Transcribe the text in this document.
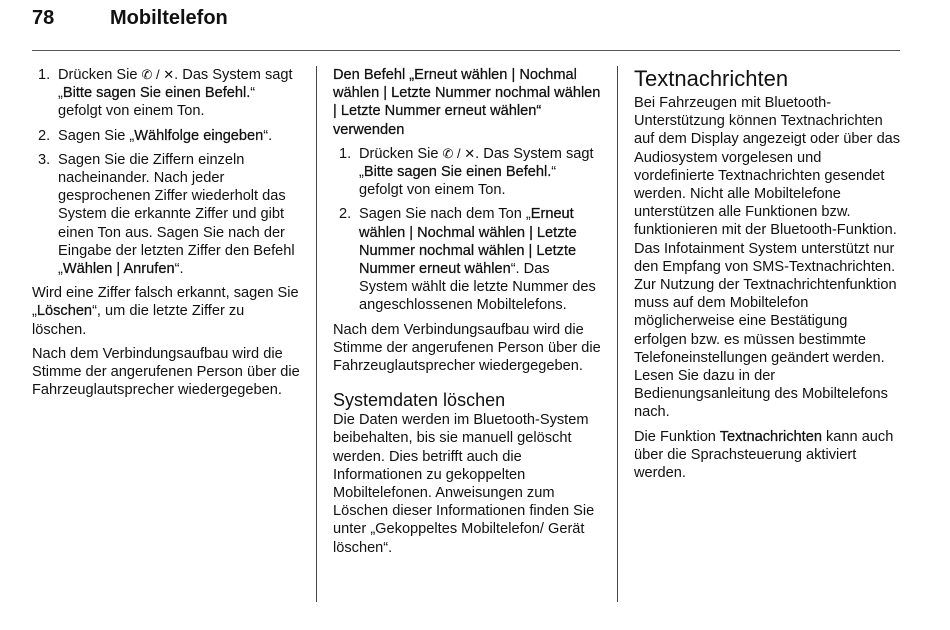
78	Mobiltelefon
1. Drücken Sie ✆ / ✕. Das System sagt „Bitte sagen Sie einen Befehl.“ gefolgt von einem Ton.
2. Sagen Sie „Wählfolge eingeben“.
3. Sagen Sie die Ziffern einzeln nacheinander. Nach jeder gesprochenen Ziffer wiederholt das System die erkannte Ziffer und gibt einen Ton aus. Sagen Sie nach der Eingabe der letzten Ziffer den Befehl „Wählen | Anrufen“.

Wird eine Ziffer falsch erkannt, sagen Sie „Löschen“, um die letzte Ziffer zu löschen.

Nach dem Verbindungsaufbau wird die Stimme der angerufenen Person über die Fahrzeuglautsprecher wiedergegeben.

Den Befehl „Erneut wählen | Nochmal wählen | Letzte Nummer nochmal wählen | Letzte Nummer erneut wählen“ verwenden

1. Drücken Sie ✆ / ✕. Das System sagt „Bitte sagen Sie einen Befehl.“ gefolgt von einem Ton.
2. Sagen Sie nach dem Ton „Erneut wählen | Nochmal wählen | Letzte Nummer nochmal wählen | Letzte Nummer erneut wählen“. Das System wählt die letzte Nummer des angeschlossenen Mobiltelefons.

Nach dem Verbindungsaufbau wird die Stimme der angerufenen Person über die Fahrzeuglautsprecher wiedergegeben.

Systemdaten löschen

Die Daten werden im Bluetooth-System beibehalten, bis sie manuell gelöscht werden. Dies betrifft auch die Informationen zu gekoppelten Mobiltelefonen. Anweisungen zum Löschen dieser Informationen finden Sie unter „Gekoppeltes Mobiltelefon/ Gerät löschen“.

Textnachrichten

Bei Fahrzeugen mit Bluetooth-Unterstützung können Textnachrichten auf dem Display angezeigt oder über das Audiosystem vorgelesen und vordefinierte Textnachrichten gesendet werden. Nicht alle Mobiltelefone unterstützen alle Funktionen bzw. funktionieren mit der Bluetooth-Funktion. Das Infotainment System unterstützt nur den Empfang von SMS-Textnachrichten. Zur Nutzung der Textnachrichtenfunktion muss auf dem Mobiltelefon möglicherweise eine Bestätigung erfolgen bzw. es müssen bestimmte Telefoneinstellungen geändert werden. Lesen Sie dazu in der Bedienungsanleitung des Mobiltelefons nach.

Die Funktion Textnachrichten kann auch über die Sprachsteuerung aktiviert werden.
